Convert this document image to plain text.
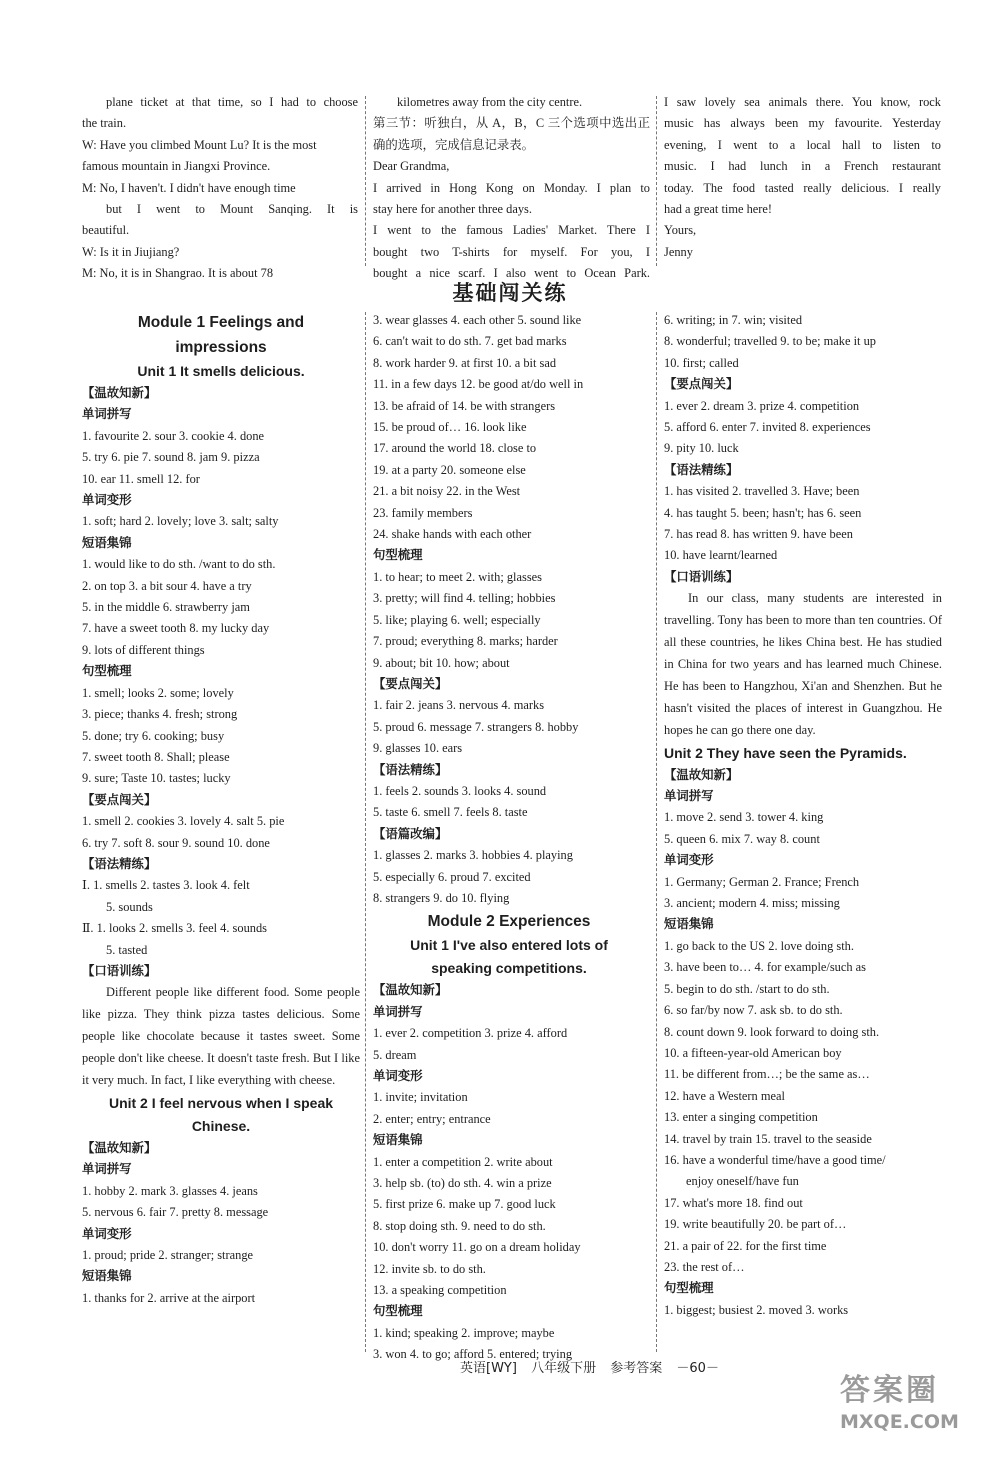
plane ticket at that time, so I had to choose
the train.
W: Have you climbed Mount Lu? It is the most
famous mountain in Jiangxi Province.
M: No, I haven't. I didn't have enough time
but I went to Mount Sanqing. It is
beautiful.
W: Is it in Jiujiang?
M: No, it is in Shangrao. It is about 78
kilometres away from the city centre.
第三节：听独白，从 A，B，C 三个选项中选出正
确的选项，完成信息记录表。
Dear Grandma,
I arrived in Hong Kong on Monday. I plan to
stay here for another three days.
I went to the famous Ladies' Market. There I
bought two T-shirts for myself. For you, I
bought a nice scarf. I also went to Ocean Park.
I saw lovely sea animals there. You know, rock
music has always been my favourite. Yesterday
evening, I went to a local hall to listen to
music. I had lunch in a French restaurant
today. The food tasted really delicious. I really
had a great time here!
Yours,
Jenny
基础闯关练
Module 1 Feelings and
impressions
Unit 1 It smells delicious.
【温故知新】
单词拼写
1. favourite 2. sour 3. cookie 4. done
5. try 6. pie 7. sound 8. jam 9. pizza
10. ear 11. smell 12. for
单词变形
1. soft; hard 2. lovely; love 3. salt; salty
短语集锦
1. would like to do sth. /want to do sth.
2. on top 3. a bit sour 4. have a try
5. in the middle 6. strawberry jam
7. have a sweet tooth 8. my lucky day
9. lots of different things
句型梳理
1. smell; looks 2. some; lovely
3. piece; thanks 4. fresh; strong
5. done; try 6. cooking; busy
7. sweet tooth 8. Shall; please
9. sure; Taste 10. tastes; lucky
【要点闯关】
1. smell 2. cookies 3. lovely 4. salt 5. pie
6. try 7. soft 8. sour 9. sound 10. done
【语法精练】
Ⅰ. 1. smells 2. tastes 3. look 4. felt
5. sounds
Ⅱ. 1. looks 2. smells 3. feel 4. sounds
5. tasted
【口语训练】
Different people like different food. Some people like pizza. They think pizza tastes delicious. Some people like chocolate because it tastes sweet. Some people don't like cheese. It doesn't taste fresh. But I like it very much. In fact, I like everything with cheese.
Unit 2 I feel nervous when I speak
Chinese.
【温故知新】
单词拼写
1. hobby 2. mark 3. glasses 4. jeans
5. nervous 6. fair 7. pretty 8. message
单词变形
1. proud; pride 2. stranger; strange
短语集锦
1. thanks for 2. arrive at the airport
3. wear glasses 4. each other 5. sound like
6. can't wait to do sth. 7. get bad marks
8. work harder 9. at first 10. a bit sad
11. in a few days 12. be good at/do well in
13. be afraid of 14. be with strangers
15. be proud of… 16. look like
17. around the world 18. close to
19. at a party 20. someone else
21. a bit noisy 22. in the West
23. family members
24. shake hands with each other
句型梳理
1. to hear; to meet 2. with; glasses
3. pretty; will find 4. telling; hobbies
5. like; playing 6. well; especially
7. proud; everything 8. marks; harder
9. about; bit 10. how; about
【要点闯关】
1. fair 2. jeans 3. nervous 4. marks
5. proud 6. message 7. strangers 8. hobby
9. glasses 10. ears
【语法精练】
1. feels 2. sounds 3. looks 4. sound
5. taste 6. smell 7. feels 8. taste
【语篇改编】
1. glasses 2. marks 3. hobbies 4. playing
5. especially 6. proud 7. excited
8. strangers 9. do 10. flying
Module 2 Experiences
Unit 1 I've also entered lots of
speaking competitions.
【温故知新】
单词拼写
1. ever 2. competition 3. prize 4. afford
5. dream
单词变形
1. invite; invitation
2. enter; entry; entrance
短语集锦
1. enter a competition 2. write about
3. help sb. (to) do sth. 4. win a prize
5. first prize 6. make up 7. good luck
8. stop doing sth. 9. need to do sth.
10. don't worry 11. go on a dream holiday
12. invite sb. to do sth.
13. a speaking competition
句型梳理
1. kind; speaking 2. improve; maybe
3. won 4. to go; afford 5. entered; trying
6. writing; in 7. win; visited
8. wonderful; travelled 9. to be; make it up
10. first; called
【要点闯关】
1. ever 2. dream 3. prize 4. competition
5. afford 6. enter 7. invited 8. experiences
9. pity 10. luck
【语法精练】
1. has visited 2. travelled 3. Have; been
4. has taught 5. been; hasn't; has 6. seen
7. has read 8. has written 9. have been
10. have learnt/learned
【口语训练】
In our class, many students are interested in travelling. Tony has been to more than ten countries. Of all these countries, he likes China best. He has studied in China for two years and has learned much Chinese. He has been to Hangzhou, Xi'an and Shenzhen. But he hasn't visited the places of interest in Guangzhou. He hopes he can go there one day.
Unit 2 They have seen the Pyramids.
【温故知新】
单词拼写
1. move 2. send 3. tower 4. king
5. queen 6. mix 7. way 8. count
单词变形
1. Germany; German 2. France; French
3. ancient; modern 4. miss; missing
短语集锦
1. go back to the US 2. love doing sth.
3. have been to… 4. for example/such as
5. begin to do sth. /start to do sth.
6. so far/by now 7. ask sb. to do sth.
8. count down 9. look forward to doing sth.
10. a fifteen-year-old American boy
11. be different from…; be the same as…
12. have a Western meal
13. enter a singing competition
14. travel by train 15. travel to the seaside
16. have a wonderful time/have a good time/
enjoy oneself/have fun
17. what's more 18. find out
19. write beautifully 20. be part of…
21. a pair of 22. for the first time
23. the rest of…
句型梳理
1. biggest; busiest 2. moved 3. works
英语[WY] 八年级下册 参考答案 －60－
答案圈
MXQE.COM
